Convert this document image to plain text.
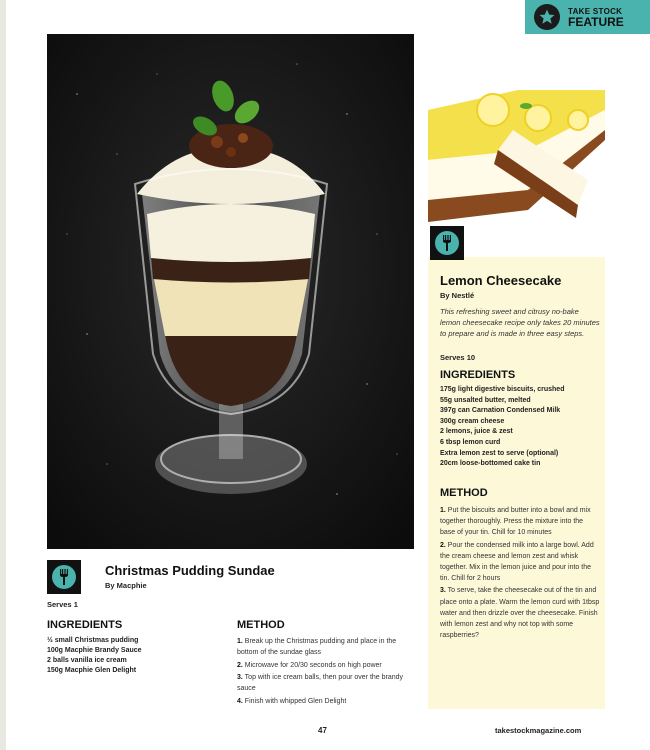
TAKE STOCK
FEATURE
Lemon Cheesecake
By Nestlé
This refreshing sweet and citrusy no-bake lemon cheesecake recipe only takes 20 minutes to prepare and is made in three easy steps.
Serves 10
INGREDIENTS
175g light digestive biscuits, crushed
55g unsalted butter, melted
397g can Carnation Condensed Milk
300g cream cheese
2 lemons, juice & zest
6 tbsp lemon curd
Extra lemon zest to serve (optional)
20cm loose-bottomed cake tin
METHOD
1. Put the biscuits and butter into a bowl and mix together thoroughly. Press the mixture into the base of your tin. Chill for 10 minutes
2. Pour the condensed milk into a large bowl. Add the cream cheese and lemon zest and whisk together. Mix in the lemon juice and pour into the tin. Chill for 2 hours
3. To serve, take the cheesecake out of the tin and place onto a plate. Warm the lemon curd with 1tbsp water and then drizzle over the cheesecake. Finish with lemon zest and why not top with some raspberries?
Christmas Pudding Sundae
By Macphie
Serves 1
INGREDIENTS
½ small Christmas pudding
100g Macphie Brandy Sauce
2 balls vanilla ice cream
150g Macphie Glen Delight
METHOD
1. Break up the Christmas pudding and place in the bottom of the sundae glass
2. Microwave for 20/30 seconds on high power
3. Top with ice cream balls, then pour over the brandy sauce
4. Finish with whipped Glen Delight
47	takestockmagazine.com
